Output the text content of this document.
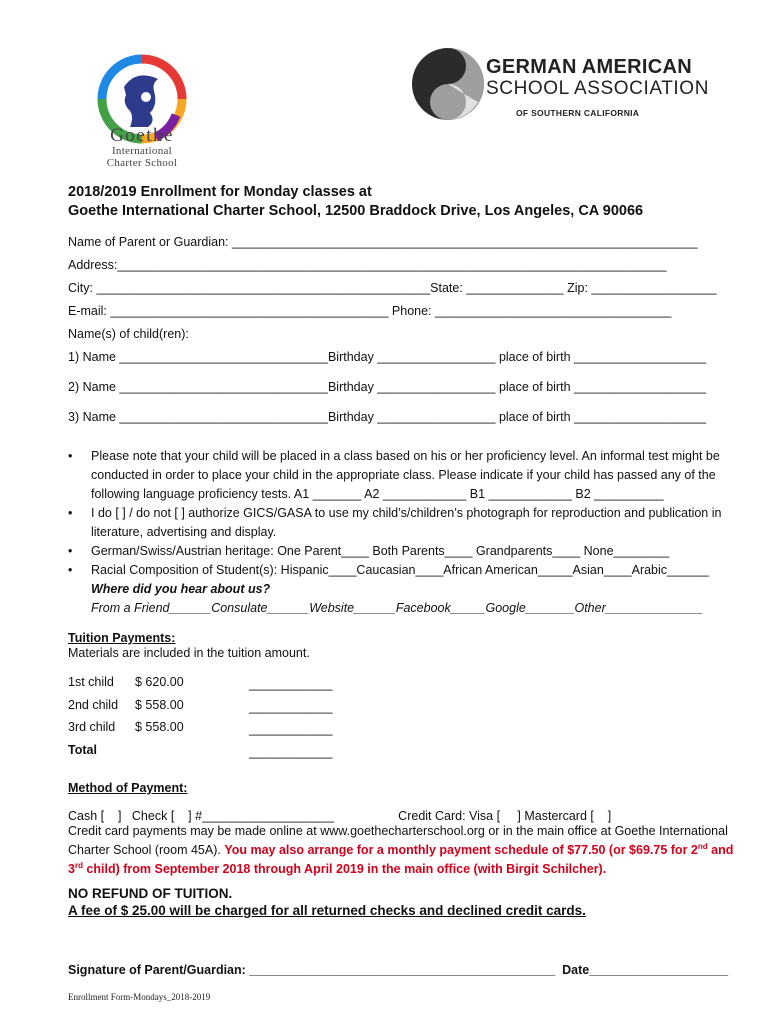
Goethe
International
Charter School
GERMAN AMERICAN
SCHOOL ASSOCIATION
OF SOUTHERN CALIFORNIA
2018/2019 Enrollment for Monday classes at
Goethe International Charter School, 12500 Braddock Drive, Los Angeles, CA 90066
Name of Parent or Guardian: ___________________________________________________________________
Address:_______________________________________________________________________________
City: ________________________________________________State: ______________ Zip: __________________
E-mail: ________________________________________ Phone: __________________________________
Name(s) of child(ren):
1) Name ______________________________Birthday _________________ place of birth ___________________
2) Name ______________________________Birthday _________________ place of birth ___________________
3) Name ______________________________Birthday _________________ place of birth ___________________
• Please note that your child will be placed in a class based on his or her proficiency level. An informal test might be conducted in order to place your child in the appropriate class. Please indicate if your child has passed any of the following language proficiency tests. A1 _______ A2 ____________ B1 ____________ B2 __________
• I do [ ] / do not [ ] authorize GICS/GASA to use my child’s/children’s photograph for reproduction and publication in literature, advertising and display.
• German/Swiss/Austrian heritage: One Parent____ Both Parents____ Grandparents____ None________
• Racial Composition of Student(s): Hispanic____Caucasian____African American_____Asian____Arabic______
Where did you hear about us?
From a Friend______Consulate______Website______Facebook_____Google_______Other______________
Tuition Payments:
Materials are included in the tuition amount.
1st child $ 620.00	____________
2nd child $ 558.00	____________
3rd child $ 558.00	____________
Total	____________
Method of Payment:
Cash [    ]   Check [    ] #___________________	Credit Card: Visa [     ] Mastercard [    ]
Credit card payments may be made online at www.goethecharterschool.org or in the main office at Goethe International Charter School (room 45A). You may also arrange for a monthly payment schedule of $77.50 (or $69.75 for 2nd and 3rd child) from September 2018 through April 2019 in the main office (with Birgit Schilcher).
NO REFUND OF TUITION.
A fee of $ 25.00 will be charged for all returned checks and declined credit cards.
Signature of Parent/Guardian: ____________________________________________  Date____________________
Enrollment Form-Mondays_2018-2019
